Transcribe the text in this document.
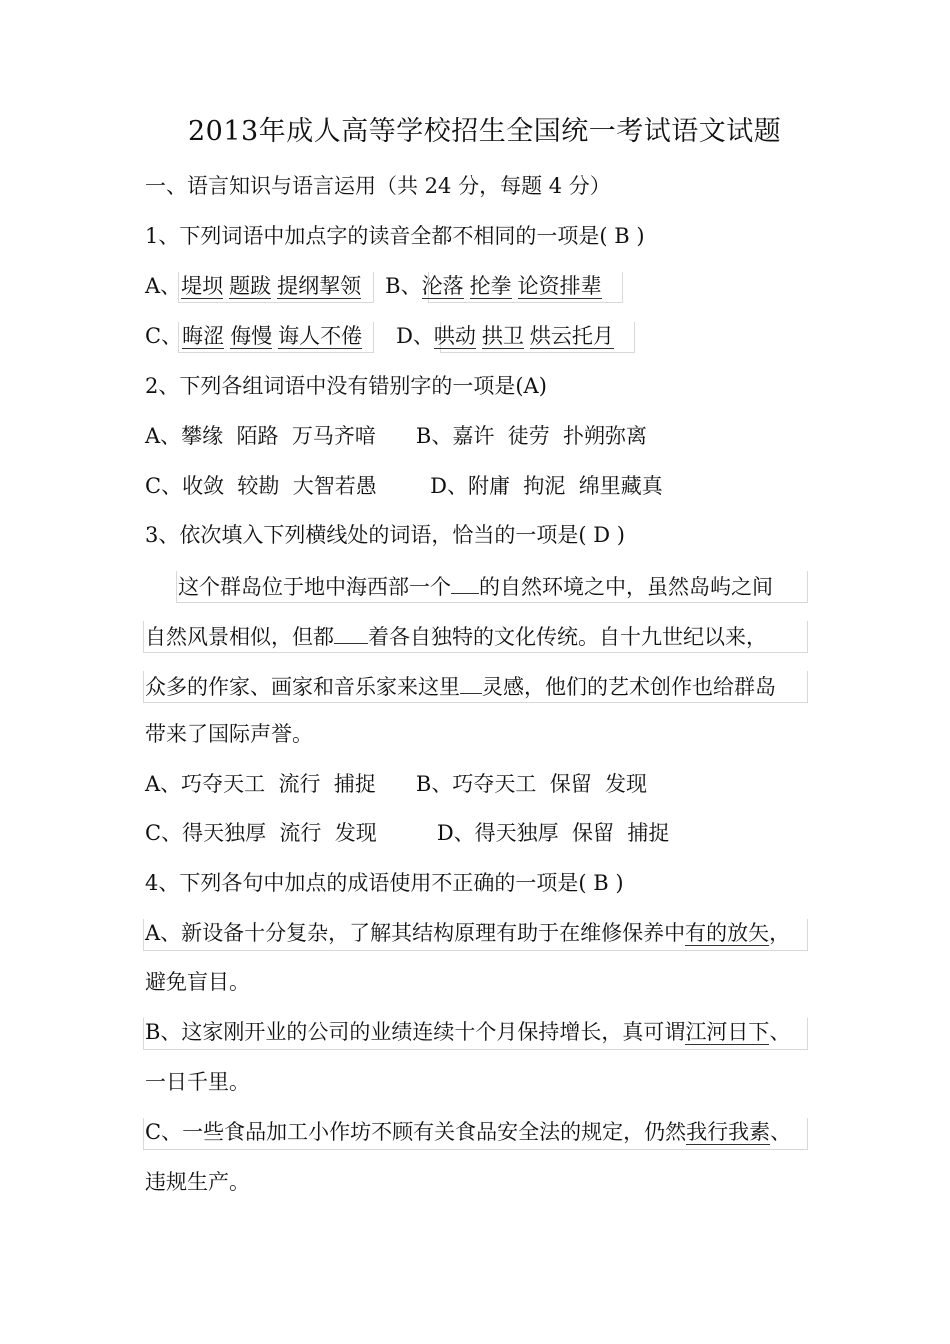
2013年成人高等学校招生全国统一考试语文试题
一、语言知识与语言运用（共 24 分，每题 4 分）
1、下列词语中加点字的读音全都不相同的一项是( B )
A、堤坝 题跋 提纲挈领 B、沦落 抡拳 论资排辈
C、晦涩 侮慢 诲人不倦 D、哄动 拱卫 烘云托月
2、下列各组词语中没有错别字的一项是(A)
A、攀缘  陌路  万马齐喑      B、嘉许  徒劳  扑朔弥离
C、收敛  较勘  大智若愚        D、附庸  拘泥  绵里藏真
3、依次填入下列横线处的词语，恰当的一项是( D )
这个群岛位于地中海西部一个 的自然环境之中，虽然岛屿之间
自然风景相似，但都 着各自独特的文化传统。自十九世纪以来，
众多的作家、画家和音乐家来这里 灵感，他们的艺术创作也给群岛
带来了国际声誉。
A、巧夺天工  流行  捕捉      B、巧夺天工  保留  发现
C、得天独厚  流行  发现         D、得天独厚  保留  捕捉
4、下列各句中加点的成语使用不正确的一项是( B )
A、新设备十分复杂，了解其结构原理有助于在维修保养中有的放矢，
避免盲目。
B、这家刚开业的公司的业绩连续十个月保持增长，真可谓江河日下、
一日千里。
C、一些食品加工小作坊不顾有关食品安全法的规定，仍然我行我素、
违规生产。
